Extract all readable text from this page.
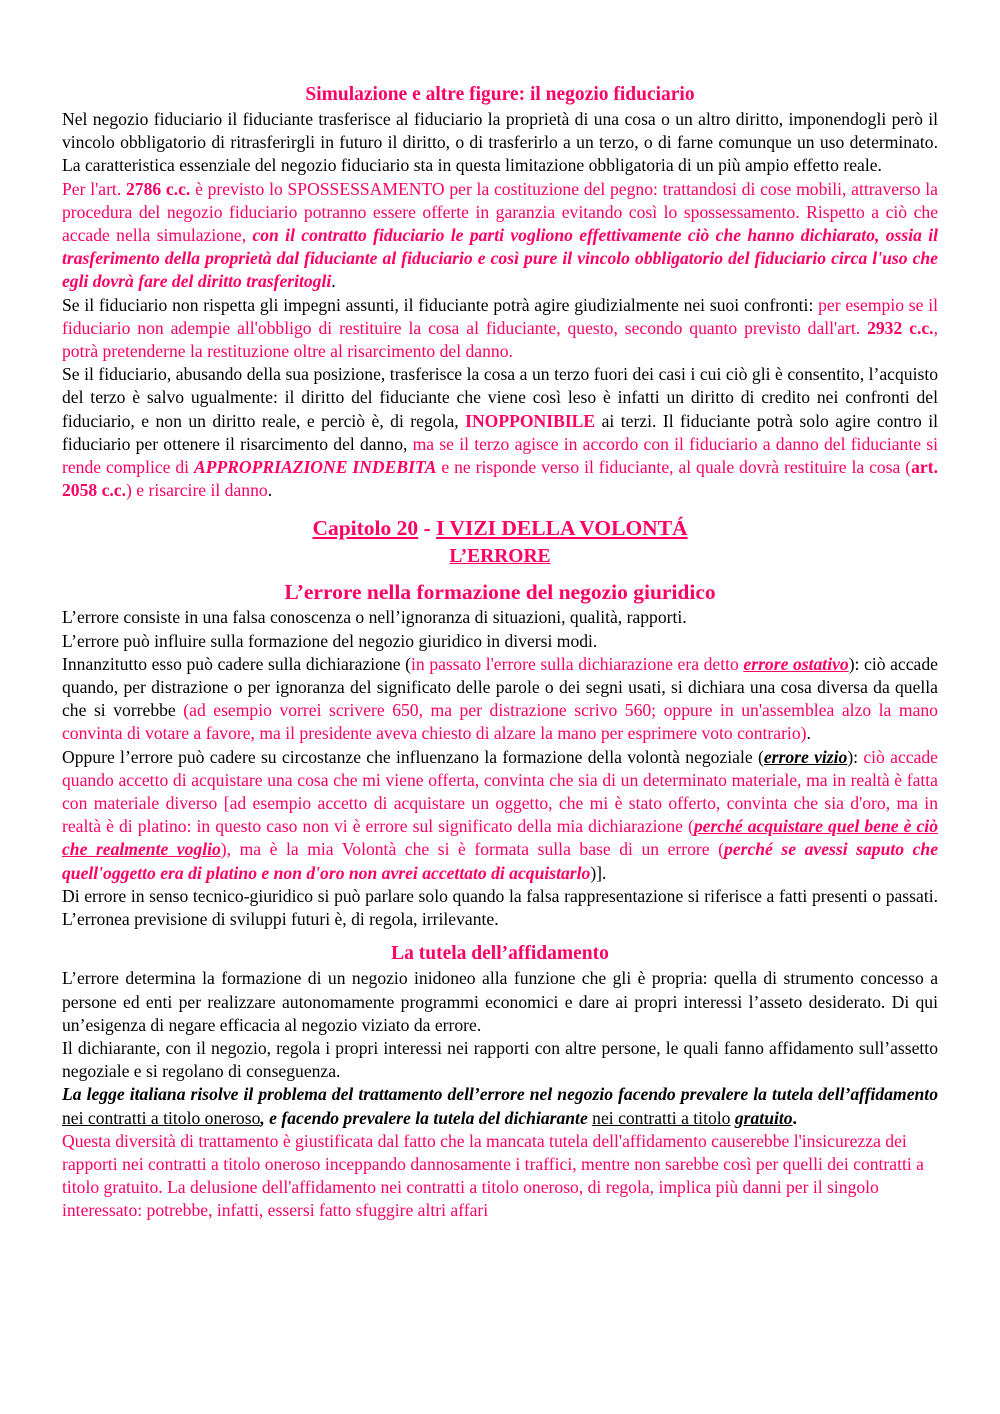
Simulazione e altre figure: il negozio fiduciario

Nel negozio fiduciario il fiduciante trasferisce al fiduciario la proprietà di una cosa o un altro diritto, imponendogli però il vincolo obbligatorio di ritrasferirgli in futuro il diritto, o di trasferirlo a un terzo, o di farne comunque un uso determinato. La caratteristica essenziale del negozio fiduciario sta in questa limitazione obbligatoria di un più ampio effetto reale.

Per l'art. 2786 c.c. è previsto lo SPOSSESSAMENTO per la costituzione del pegno: trattandosi di cose mobili, attraverso la procedura del negozio fiduciario potranno essere offerte in garanzia evitando così lo spossessamento. Rispetto a ciò che accade nella simulazione, con il contratto fiduciario le parti vogliono effettivamente ciò che hanno dichiarato, ossia il trasferimento della proprietà dal fiduciante al fiduciario e così pure il vincolo obbligatorio del fiduciario circa l'uso che egli dovrà fare del diritto trasferitogli.

Se il fiduciario non rispetta gli impegni assunti, il fiduciante potrà agire giudizialmente nei suoi confronti: per esempio se il fiduciario non adempie all'obbligo di restituire la cosa al fiduciante, questo, secondo quanto previsto dall'art. 2932 c.c., potrà pretenderne la restituzione oltre al risarcimento del danno.

Se il fiduciario, abusando della sua posizione, trasferisce la cosa a un terzo fuori dei casi i cui ciò gli è consentito, l’acquisto del terzo è salvo ugualmente: il diritto del fiduciante che viene così leso è infatti un diritto di credito nei confronti del fiduciario, e non un diritto reale, e perciò è, di regola, INOPPONIBILE ai terzi. Il fiduciante potrà solo agire contro il fiduciario per ottenere il risarcimento del danno, ma se il terzo agisce in accordo con il fiduciario a danno del fiduciante si rende complice di APPROPRIAZIONE INDEBITA e ne risponde verso il fiduciante, al quale dovrà restituire la cosa (art. 2058 c.c.) e risarcire il danno.

Capitolo 20 - I VIZI DELLA VOLONTÁ
L’ERRORE
L’errore nella formazione del negozio giuridico

L’errore consiste in una falsa conoscenza o nell’ignoranza di situazioni, qualità, rapporti.

L’errore può influire sulla formazione del negozio giuridico in diversi modi.

Innanzitutto esso può cadere sulla dichiarazione (in passato l'errore sulla dichiarazione era detto errore ostativo): ciò accade quando, per distrazione o per ignoranza del significato delle parole o dei segni usati, si dichiara una cosa diversa da quella che si vorrebbe (ad esempio vorrei scrivere 650, ma per distrazione scrivo 560; oppure in un'assemblea alzo la mano convinta di votare a favore, ma il presidente aveva chiesto di alzare la mano per esprimere voto contrario).

Oppure l’errore può cadere su circostanze che influenzano la formazione della volontà negoziale (errore vizio): ciò accade quando accetto di acquistare una cosa che mi viene offerta, convinta che sia di un determinato materiale, ma in realtà è fatta con materiale diverso [ad esempio accetto di acquistare un oggetto, che mi è stato offerto, convinta che sia d'oro, ma in realtà è di platino: in questo caso non vi è errore sul significato della mia dichiarazione (perché acquistare quel bene è ciò che realmente voglio), ma è la mia Volontà che si è formata sulla base di un errore (perché se avessi saputo che quell'oggetto era di platino e non d'oro non avrei accettato di acquistarlo)].

Di errore in senso tecnico-giuridico si può parlare solo quando la falsa rappresentazione si riferisce a fatti presenti o passati. L’erronea previsione di sviluppi futuri è, di regola, irrilevante.

La tutela dell’affidamento

L’errore determina la formazione di un negozio inidoneo alla funzione che gli è propria: quella di strumento concesso a persone ed enti per realizzare autonomamente programmi economici e dare ai propri interessi l’asseto desiderato. Di qui un’esigenza di negare efficacia al negozio viziato da errore.

Il dichiarante, con il negozio, regola i propri interessi nei rapporti con altre persone, le quali fanno affidamento sull’assetto negoziale e si regolano di conseguenza.

La legge italiana risolve il problema del trattamento dell’errore nel negozio facendo prevalere la tutela dell’affidamento nei contratti a titolo oneroso, e facendo prevalere la tutela del dichiarante nei contratti a titolo gratuito.

Questa diversità di trattamento è giustificata dal fatto che la mancata tutela dell'affidamento causerebbe l'insicurezza dei rapporti nei contratti a titolo oneroso inceppando dannosamente i traffici, mentre non sarebbe così per quelli dei contratti a titolo gratuito. La delusione dell'affidamento nei contratti a titolo oneroso, di regola, implica più danni per il singolo interessato: potrebbe, infatti, essersi fatto sfuggire altri affari
